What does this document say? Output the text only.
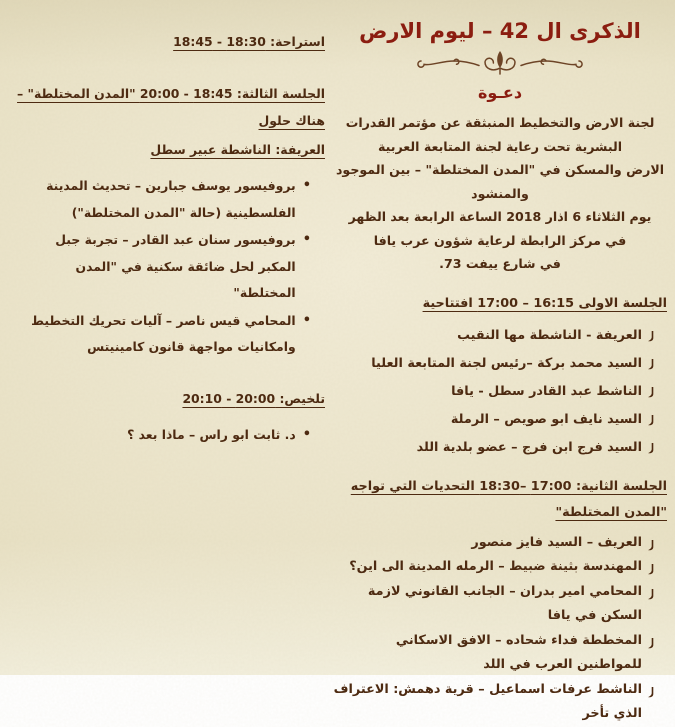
الذكرى ال 42 – ليوم الارض
دعـوة
لجنة الارض والتخطيط المنبثقة عن مؤتمر القدرات
البشرية تحت رعاية لجنة المتابعة العربية
الارض والمسكن في "المدن المختلطة" – بين الموجود والمنشود
يوم الثلاثاء 6 اذار 2018 الساعة الرابعة بعد الظهر
في مركز الرابطة لرعاية شؤون عرب يافا
في شارع ييفت 73.
الجلسة الاولى 16:15 – 17:00 افتتاحية
العريفة - الناشطة مها النقيب
السيد محمد بركة –رئيس لجنة المتابعة العليا
الناشط عبد القادر سطل - يافا
السيد نايف ابو صويص – الرملة
السيد فرج ابن فرج – عضو بلدية اللد
الجلسة الثانية: 17:00 –18:30 التحديات التي تواجه "المدن المختلطة"
العريف – السيد فايز منصور
المهندسة بثينة ضبيط – الرمله المدينة الى اين؟
المحامي امير بدران – الجانب القانوني لازمة السكن في يافا
المخططة فداء شحاده – الافق الاسكاني للمواطنين العرب في اللد
الناشط عرفات اسماعيل – قرية دهمش: الاعتراف الذي تأخر
استراحة: 18:30 - 18:45
الجلسة الثالثة: 18:45 - 20:00 "المدن المختلطة" – هناك حلول
العريفة: الناشطة عبير سطل
•
بروفيسور يوسف جبارين – تحديث المدينة الفلسطينية (حالة "المدن المختلطة")
•
بروفيسور سنان عبد القادر – تجربة جبل المكبر لحل ضائقة سكنية في "المدن المختلطة"
•
المحامي قيس ناصر – آليات تحريك التخطيط وامكانيات مواجهة قانون كامينيتس
تلخيص: 20:00 - 20:10
•
د. ثابت ابو راس – ماذا بعد ؟
